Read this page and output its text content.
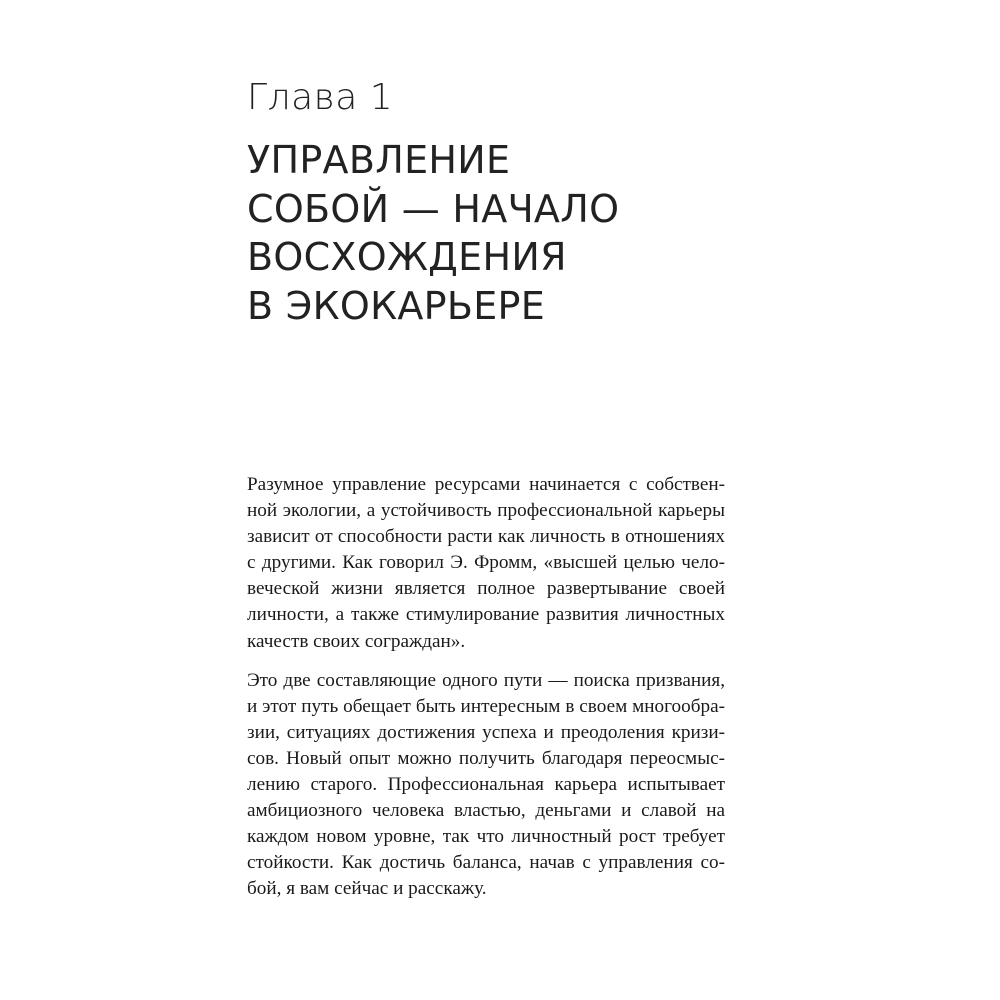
Глава 1
УПРАВЛЕНИЕ
СОБОЙ — НАЧАЛО
ВОСХОЖДЕНИЯ
В ЭКОКАРЬЕРЕ

Разумное управление ресурсами начинается с собствен-
ной экологии, а устойчивость профессиональной карьеры
зависит от способности расти как личность в отношениях
с другими. Как говорил Э. Фромм, «высшей целью чело-
веческой жизни является полное развертывание своей
личности, а также стимулирование развития личностных
качеств своих сограждан».

Это две составляющие одного пути — поиска призвания,
и этот путь обещает быть интересным в своем многообра-
зии, ситуациях достижения успеха и преодоления кризи-
сов. Новый опыт можно получить благодаря переосмыс-
лению старого. Профессиональная карьера испытывает
амбициозного человека властью, деньгами и славой на
каждом новом уровне, так что личностный рост требует
стойкости. Как достичь баланса, начав с управления со-
бой, я вам сейчас и расскажу.
